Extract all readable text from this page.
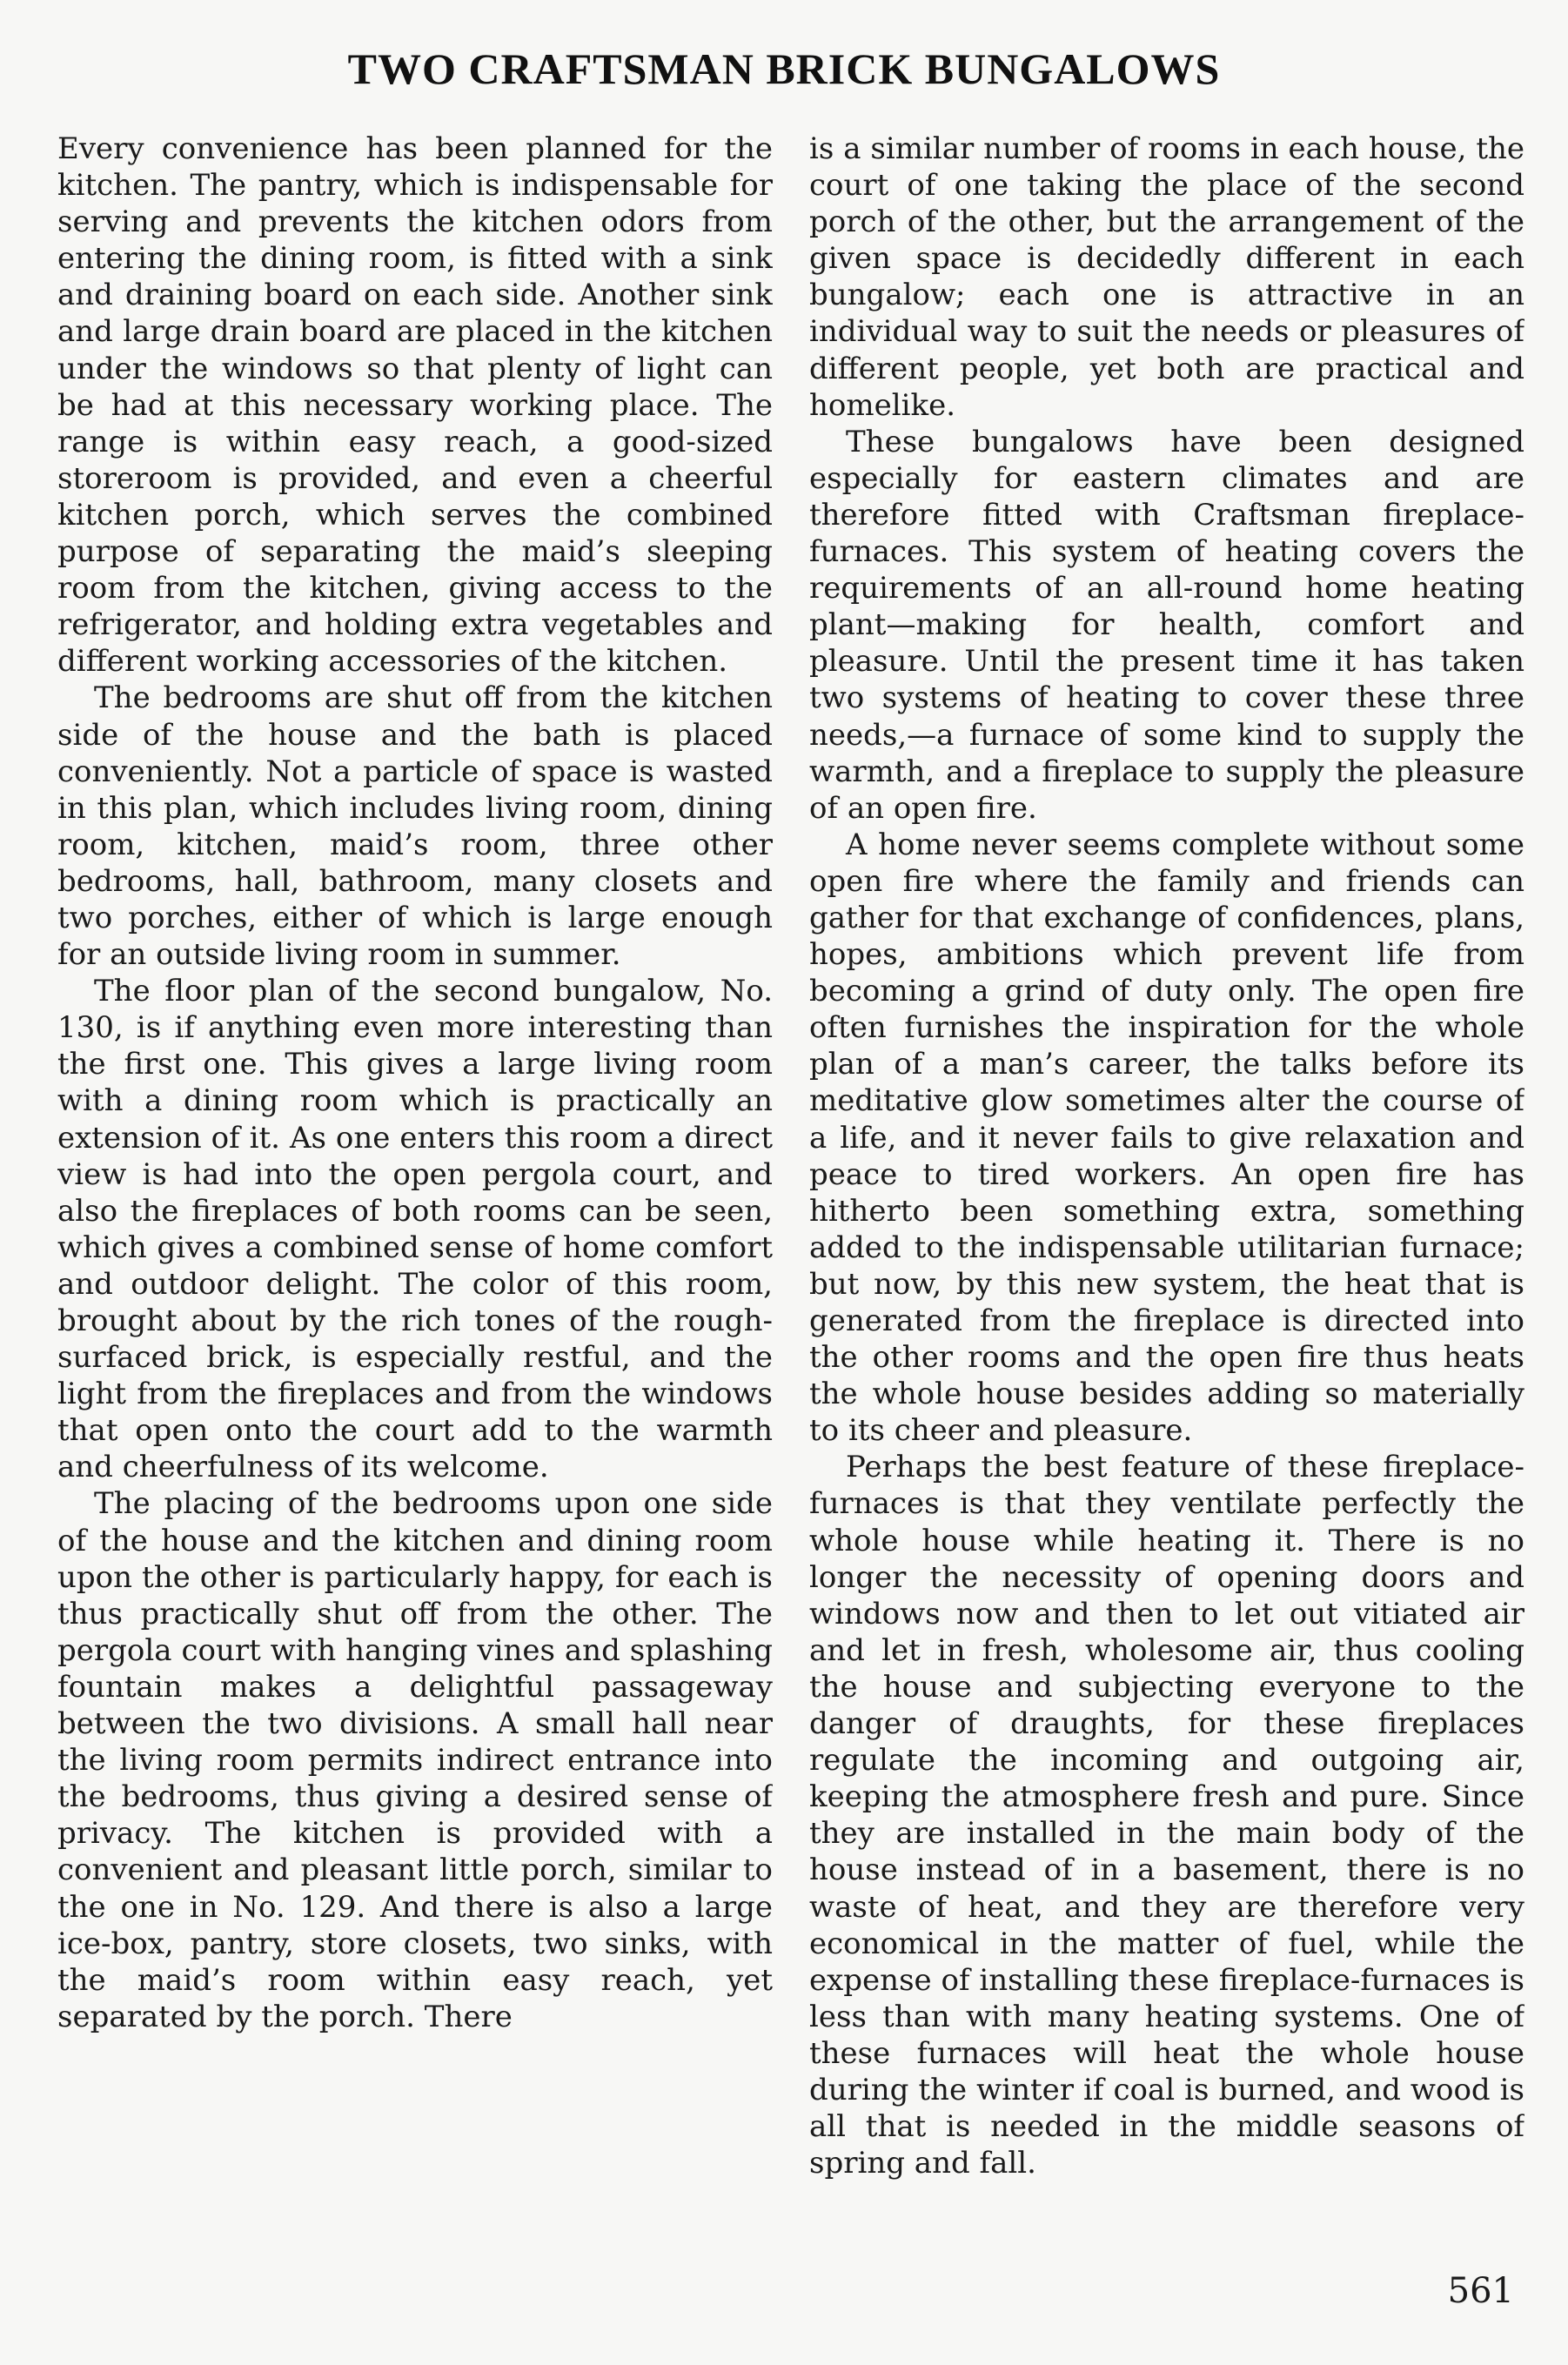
TWO CRAFTSMAN BRICK BUNGALOWS

Every convenience has been planned for the kitchen. The pantry, which is indispensable for serving and prevents the kitchen odors from entering the dining room, is fitted with a sink and draining board on each side. Another sink and large drain board are placed in the kitchen under the windows so that plenty of light can be had at this necessary working place. The range is within easy reach, a good-sized storeroom is provided, and even a cheerful kitchen porch, which serves the combined purpose of separating the maid’s sleeping room from the kitchen, giving access to the refrigerator, and holding extra vegetables and different working accessories of the kitchen.

The bedrooms are shut off from the kitchen side of the house and the bath is placed conveniently. Not a particle of space is wasted in this plan, which includes living room, dining room, kitchen, maid’s room, three other bedrooms, hall, bathroom, many closets and two porches, either of which is large enough for an outside living room in summer.

The floor plan of the second bungalow, No. 130, is if anything even more interesting than the first one. This gives a large living room with a dining room which is practically an extension of it. As one enters this room a direct view is had into the open pergola court, and also the fireplaces of both rooms can be seen, which gives a combined sense of home comfort and outdoor delight. The color of this room, brought about by the rich tones of the rough-surfaced brick, is especially restful, and the light from the fireplaces and from the windows that open onto the court add to the warmth and cheerfulness of its welcome.

The placing of the bedrooms upon one side of the house and the kitchen and dining room upon the other is particularly happy, for each is thus practically shut off from the other. The pergola court with hanging vines and splashing fountain makes a delightful passageway between the two divisions. A small hall near the living room permits indirect entrance into the bedrooms, thus giving a desired sense of privacy. The kitchen is provided with a convenient and pleasant little porch, similar to the one in No. 129. And there is also a large ice-box, pantry, store closets, two sinks, with the maid’s room within easy reach, yet separated by the porch. There

is a similar number of rooms in each house, the court of one taking the place of the second porch of the other, but the arrangement of the given space is decidedly different in each bungalow; each one is attractive in an individual way to suit the needs or pleasures of different people, yet both are practical and homelike.

These bungalows have been designed especially for eastern climates and are therefore fitted with Craftsman fireplace-furnaces. This system of heating covers the requirements of an all-round home heating plant—making for health, comfort and pleasure. Until the present time it has taken two systems of heating to cover these three needs,—a furnace of some kind to supply the warmth, and a fireplace to supply the pleasure of an open fire.

A home never seems complete without some open fire where the family and friends can gather for that exchange of confidences, plans, hopes, ambitions which prevent life from becoming a grind of duty only. The open fire often furnishes the inspiration for the whole plan of a man’s career, the talks before its meditative glow sometimes alter the course of a life, and it never fails to give relaxation and peace to tired workers. An open fire has hitherto been something extra, something added to the indispensable utilitarian furnace; but now, by this new system, the heat that is generated from the fireplace is directed into the other rooms and the open fire thus heats the whole house besides adding so materially to its cheer and pleasure.

Perhaps the best feature of these fireplace-furnaces is that they ventilate perfectly the whole house while heating it. There is no longer the necessity of opening doors and windows now and then to let out vitiated air and let in fresh, wholesome air, thus cooling the house and subjecting everyone to the danger of draughts, for these fireplaces regulate the incoming and outgoing air, keeping the atmosphere fresh and pure. Since they are installed in the main body of the house instead of in a basement, there is no waste of heat, and they are therefore very economical in the matter of fuel, while the expense of installing these fireplace-furnaces is less than with many heating systems. One of these furnaces will heat the whole house during the winter if coal is burned, and wood is all that is needed in the middle seasons of spring and fall.

561
